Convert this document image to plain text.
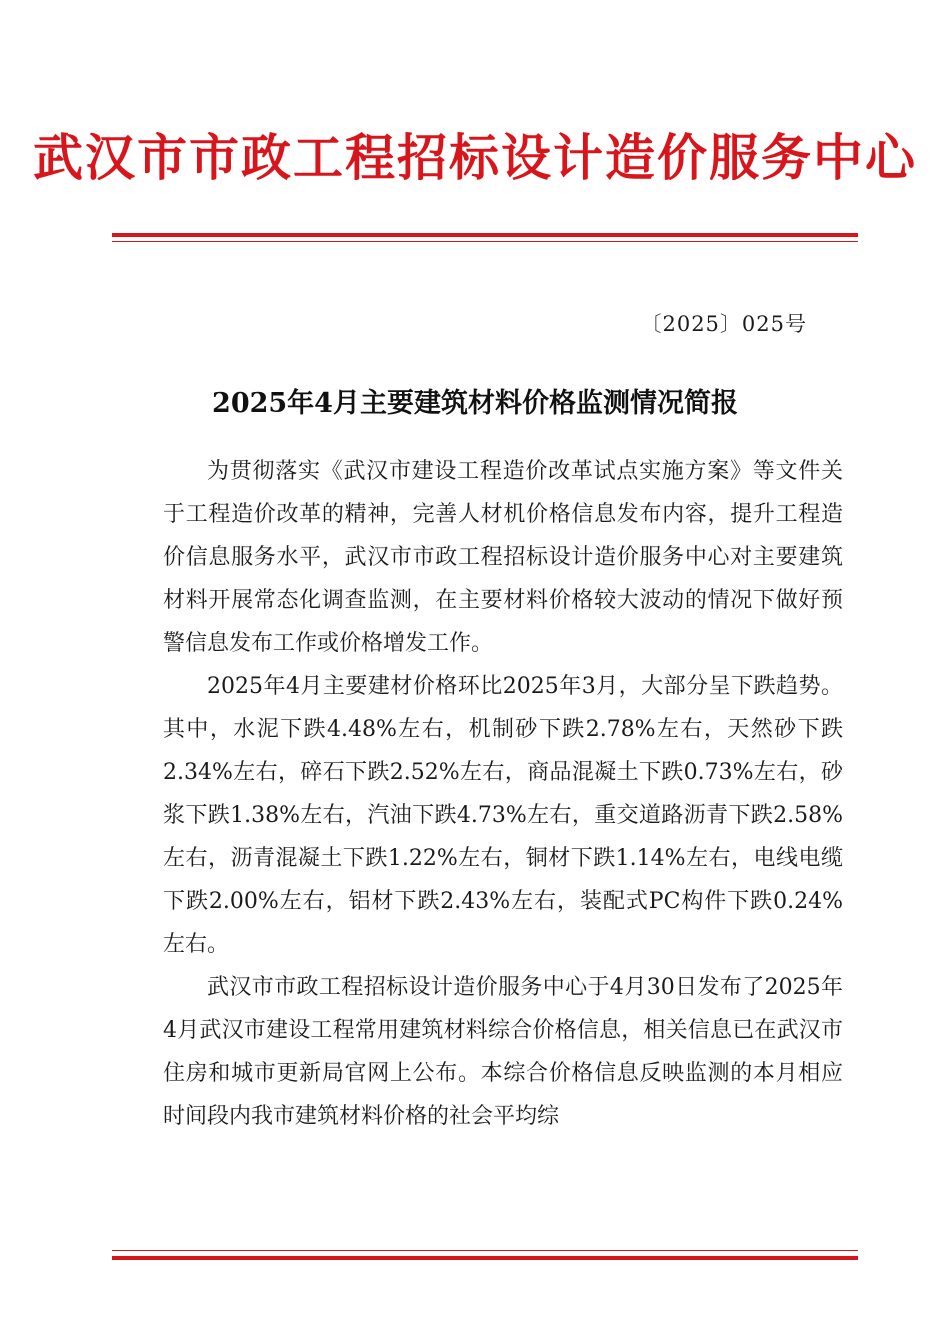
武汉市市政工程招标设计造价服务中心
〔2025〕025号
2025年4月主要建筑材料价格监测情况简报

为贯彻落实《武汉市建设工程造价改革试点实施方案》等文件关于工程造价改革的精神，完善人材机价格信息发布内容，提升工程造价信息服务水平，武汉市市政工程招标设计造价服务中心对主要建筑材料开展常态化调查监测，在主要材料价格较大波动的情况下做好预警信息发布工作或价格增发工作。

2025年4月主要建材价格环比2025年3月，大部分呈下跌趋势。其中，水泥下跌4.48%左右，机制砂下跌2.78%左右，天然砂下跌2.34%左右，碎石下跌2.52%左右，商品混凝土下跌0.73%左右，砂浆下跌1.38%左右，汽油下跌4.73%左右，重交道路沥青下跌2.58%左右，沥青混凝土下跌1.22%左右，铜材下跌1.14%左右，电线电缆下跌2.00%左右，铝材下跌2.43%左右，装配式PC构件下跌0.24%左右。

武汉市市政工程招标设计造价服务中心于4月30日发布了2025年4月武汉市建设工程常用建筑材料综合价格信息，相关信息已在武汉市住房和城市更新局官网上公布。本综合价格信息反映监测的本月相应时间段内我市建筑材料价格的社会平均综
